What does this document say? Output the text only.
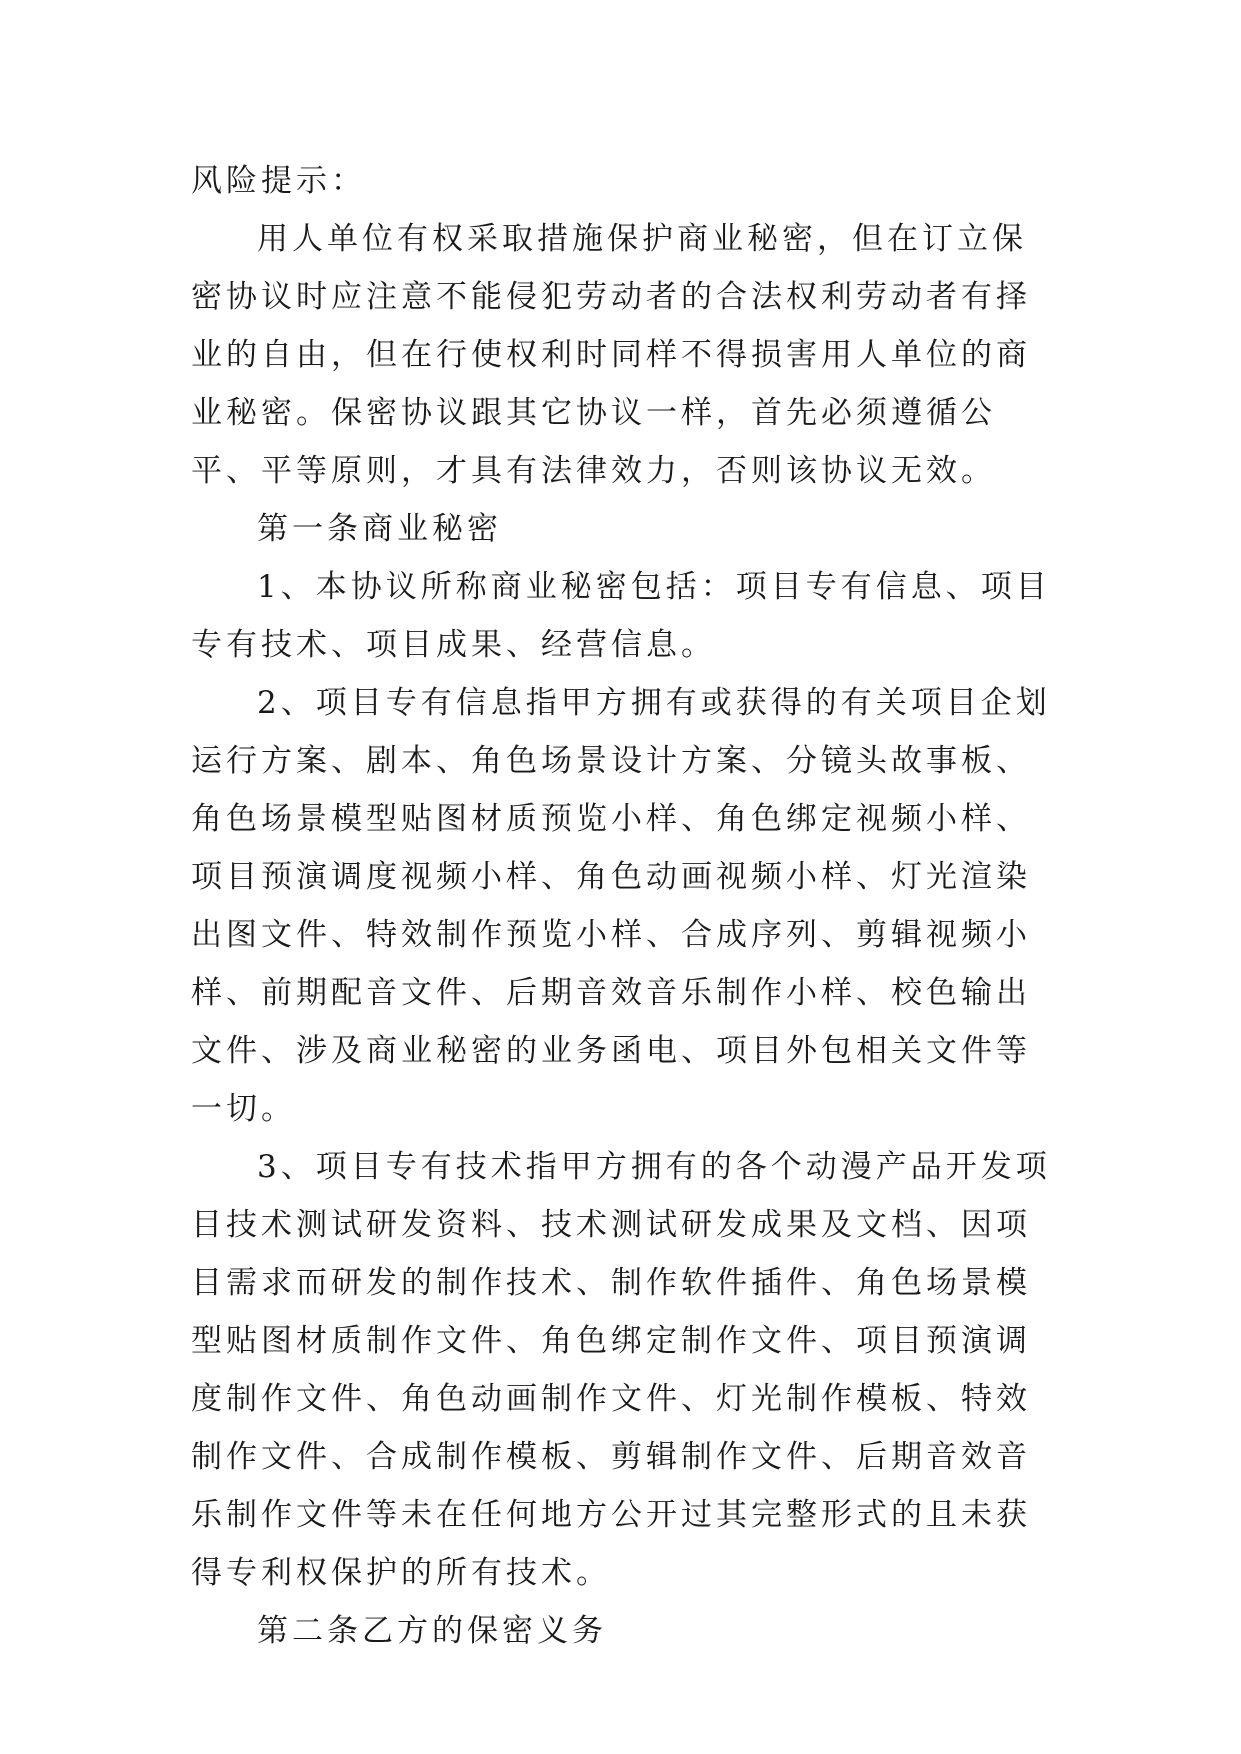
风险提示：

用人单位有权采取措施保护商业秘密，但在订立保密协议时应注意不能侵犯劳动者的合法权利劳动者有择业的自由，但在行使权利时同样不得损害用人单位的商业秘密。保密协议跟其它协议一样，首先必须遵循公平、平等原则，才具有法律效力，否则该协议无效。

第一条商业秘密

1、本协议所称商业秘密包括：项目专有信息、项目专有技术、项目成果、经营信息。

2、项目专有信息指甲方拥有或获得的有关项目企划运行方案、剧本、角色场景设计方案、分镜头故事板、角色场景模型贴图材质预览小样、角色绑定视频小样、项目预演调度视频小样、角色动画视频小样、灯光渲染出图文件、特效制作预览小样、合成序列、剪辑视频小样、前期配音文件、后期音效音乐制作小样、校色输出文件、涉及商业秘密的业务函电、项目外包相关文件等一切。

3、项目专有技术指甲方拥有的各个动漫产品开发项目技术测试研发资料、技术测试研发成果及文档、因项目需求而研发的制作技术、制作软件插件、角色场景模型贴图材质制作文件、角色绑定制作文件、项目预演调度制作文件、角色动画制作文件、灯光制作模板、特效制作文件、合成制作模板、剪辑制作文件、后期音效音乐制作文件等未在任何地方公开过其完整形式的且未获得专利权保护的所有技术。

第二条乙方的保密义务
